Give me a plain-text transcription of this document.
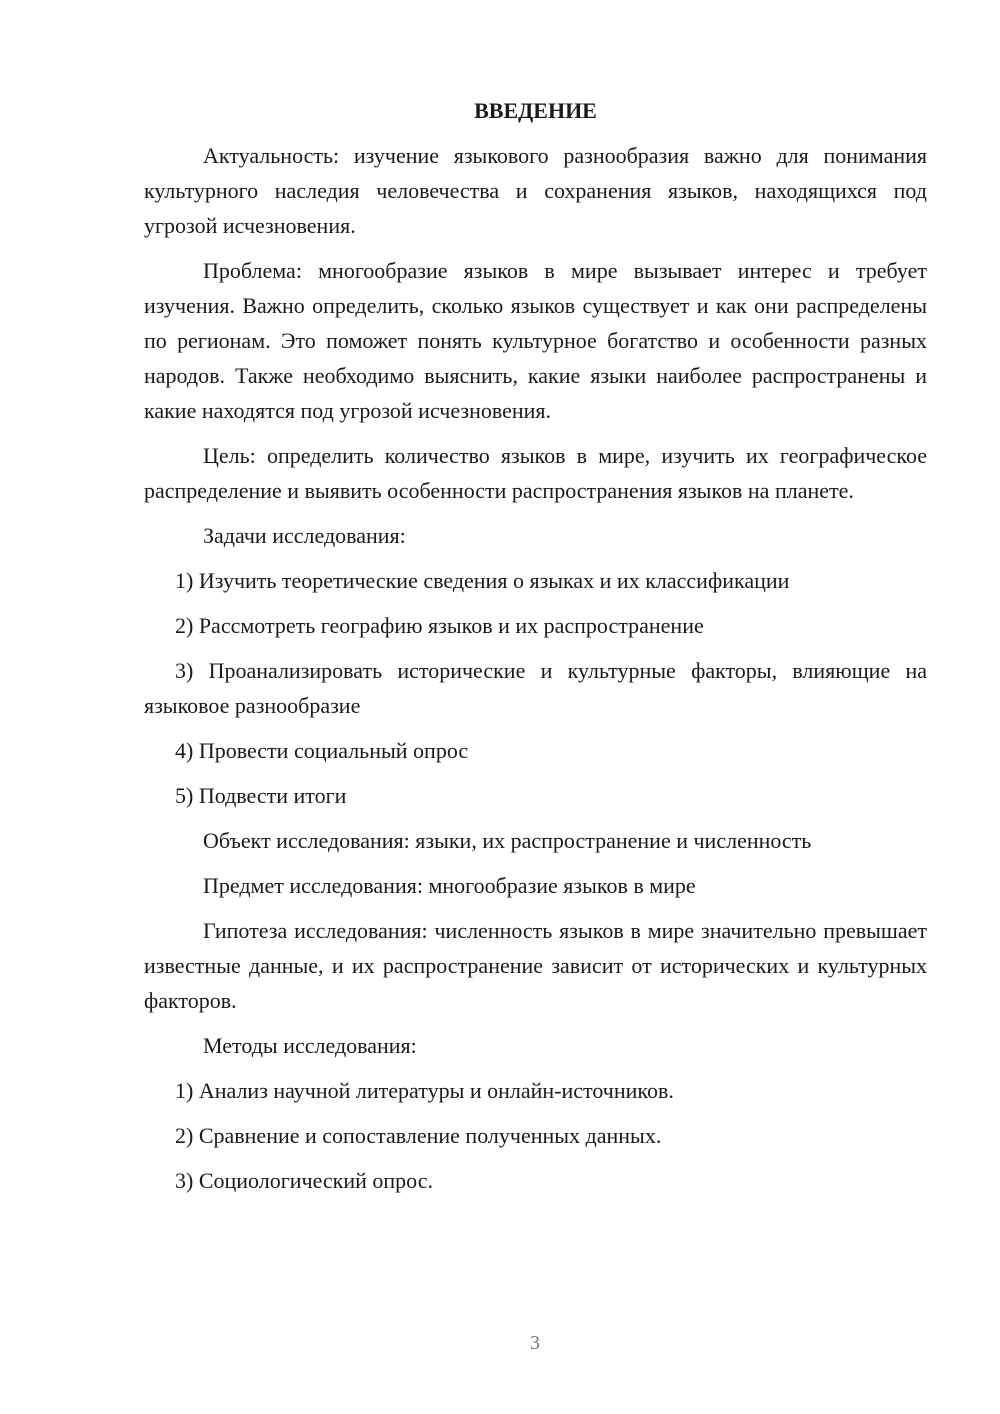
ВВЕДЕНИЕ

Актуальность: изучение языкового разнообразия важно для понимания культурного наследия человечества и сохранения языков, находящихся под угрозой исчезновения.

Проблема: многообразие языков в мире вызывает интерес и требует изучения. Важно определить, сколько языков существует и как они распределены по регионам. Это поможет понять культурное богатство и особенности разных народов. Также необходимо выяснить, какие языки наиболее распространены и какие находятся под угрозой исчезновения.

Цель: определить количество языков в мире, изучить их географическое распределение и выявить особенности распространения языков на планете.

Задачи исследования:

1) Изучить теоретические сведения о языках и их классификации

2) Рассмотреть географию языков и их распространение

3) Проанализировать исторические и культурные факторы, влияющие на языковое разнообразие

4) Провести социальный опрос

5) Подвести итоги

Объект исследования: языки, их распространение и численность

Предмет исследования: многообразие языков в мире

Гипотеза исследования: численность языков в мире значительно превышает известные данные, и их распространение зависит от исторических и культурных факторов.

Методы исследования:

1) Анализ научной литературы и онлайн-источников.

2) Сравнение и сопоставление полученных данных.

3) Социологический опрос.

3
